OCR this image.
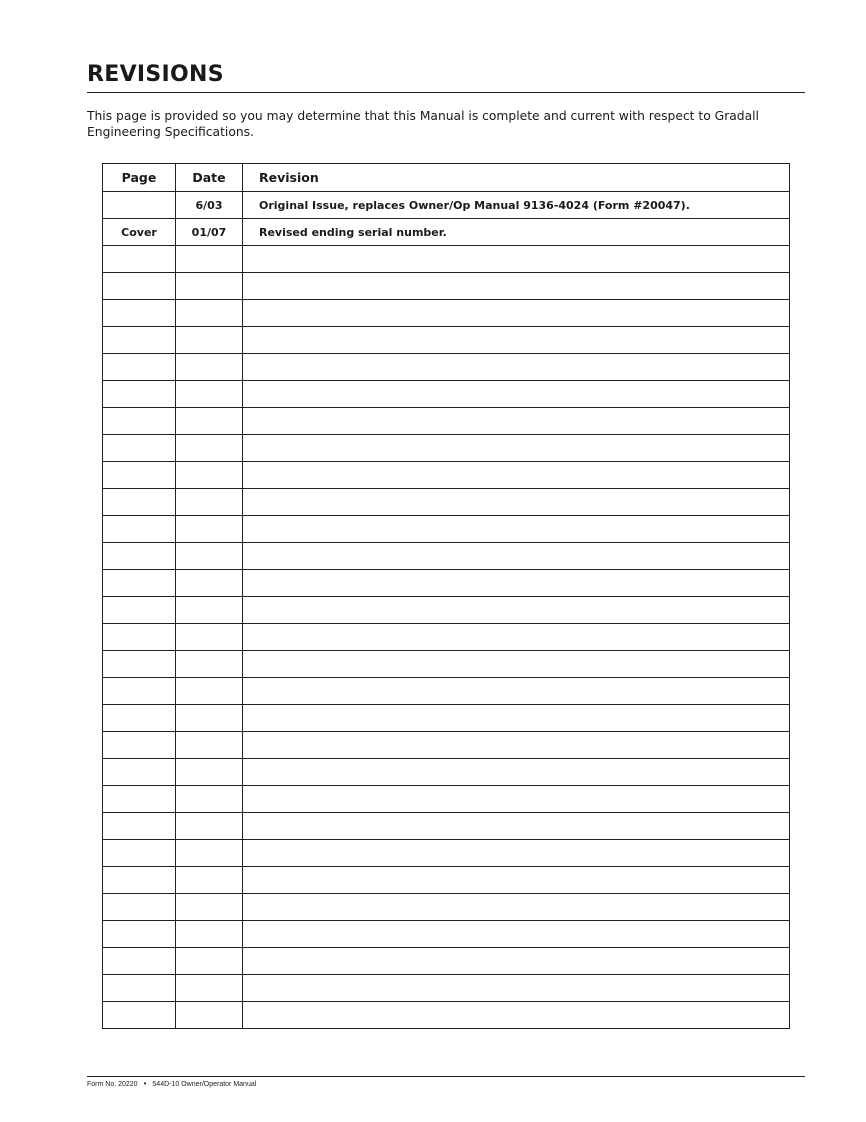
REVISIONS

This page is provided so you may determine that this Manual is complete and current with respect to Gradall Engineering Specifications.

Page	Date	Revision
	6/03	Original Issue, replaces Owner/Op Manual 9136-4024 (Form #20047).
Cover	01/07	Revised ending serial number.

Form No. 20220 • 544D-10 Owner/Operator Manual
